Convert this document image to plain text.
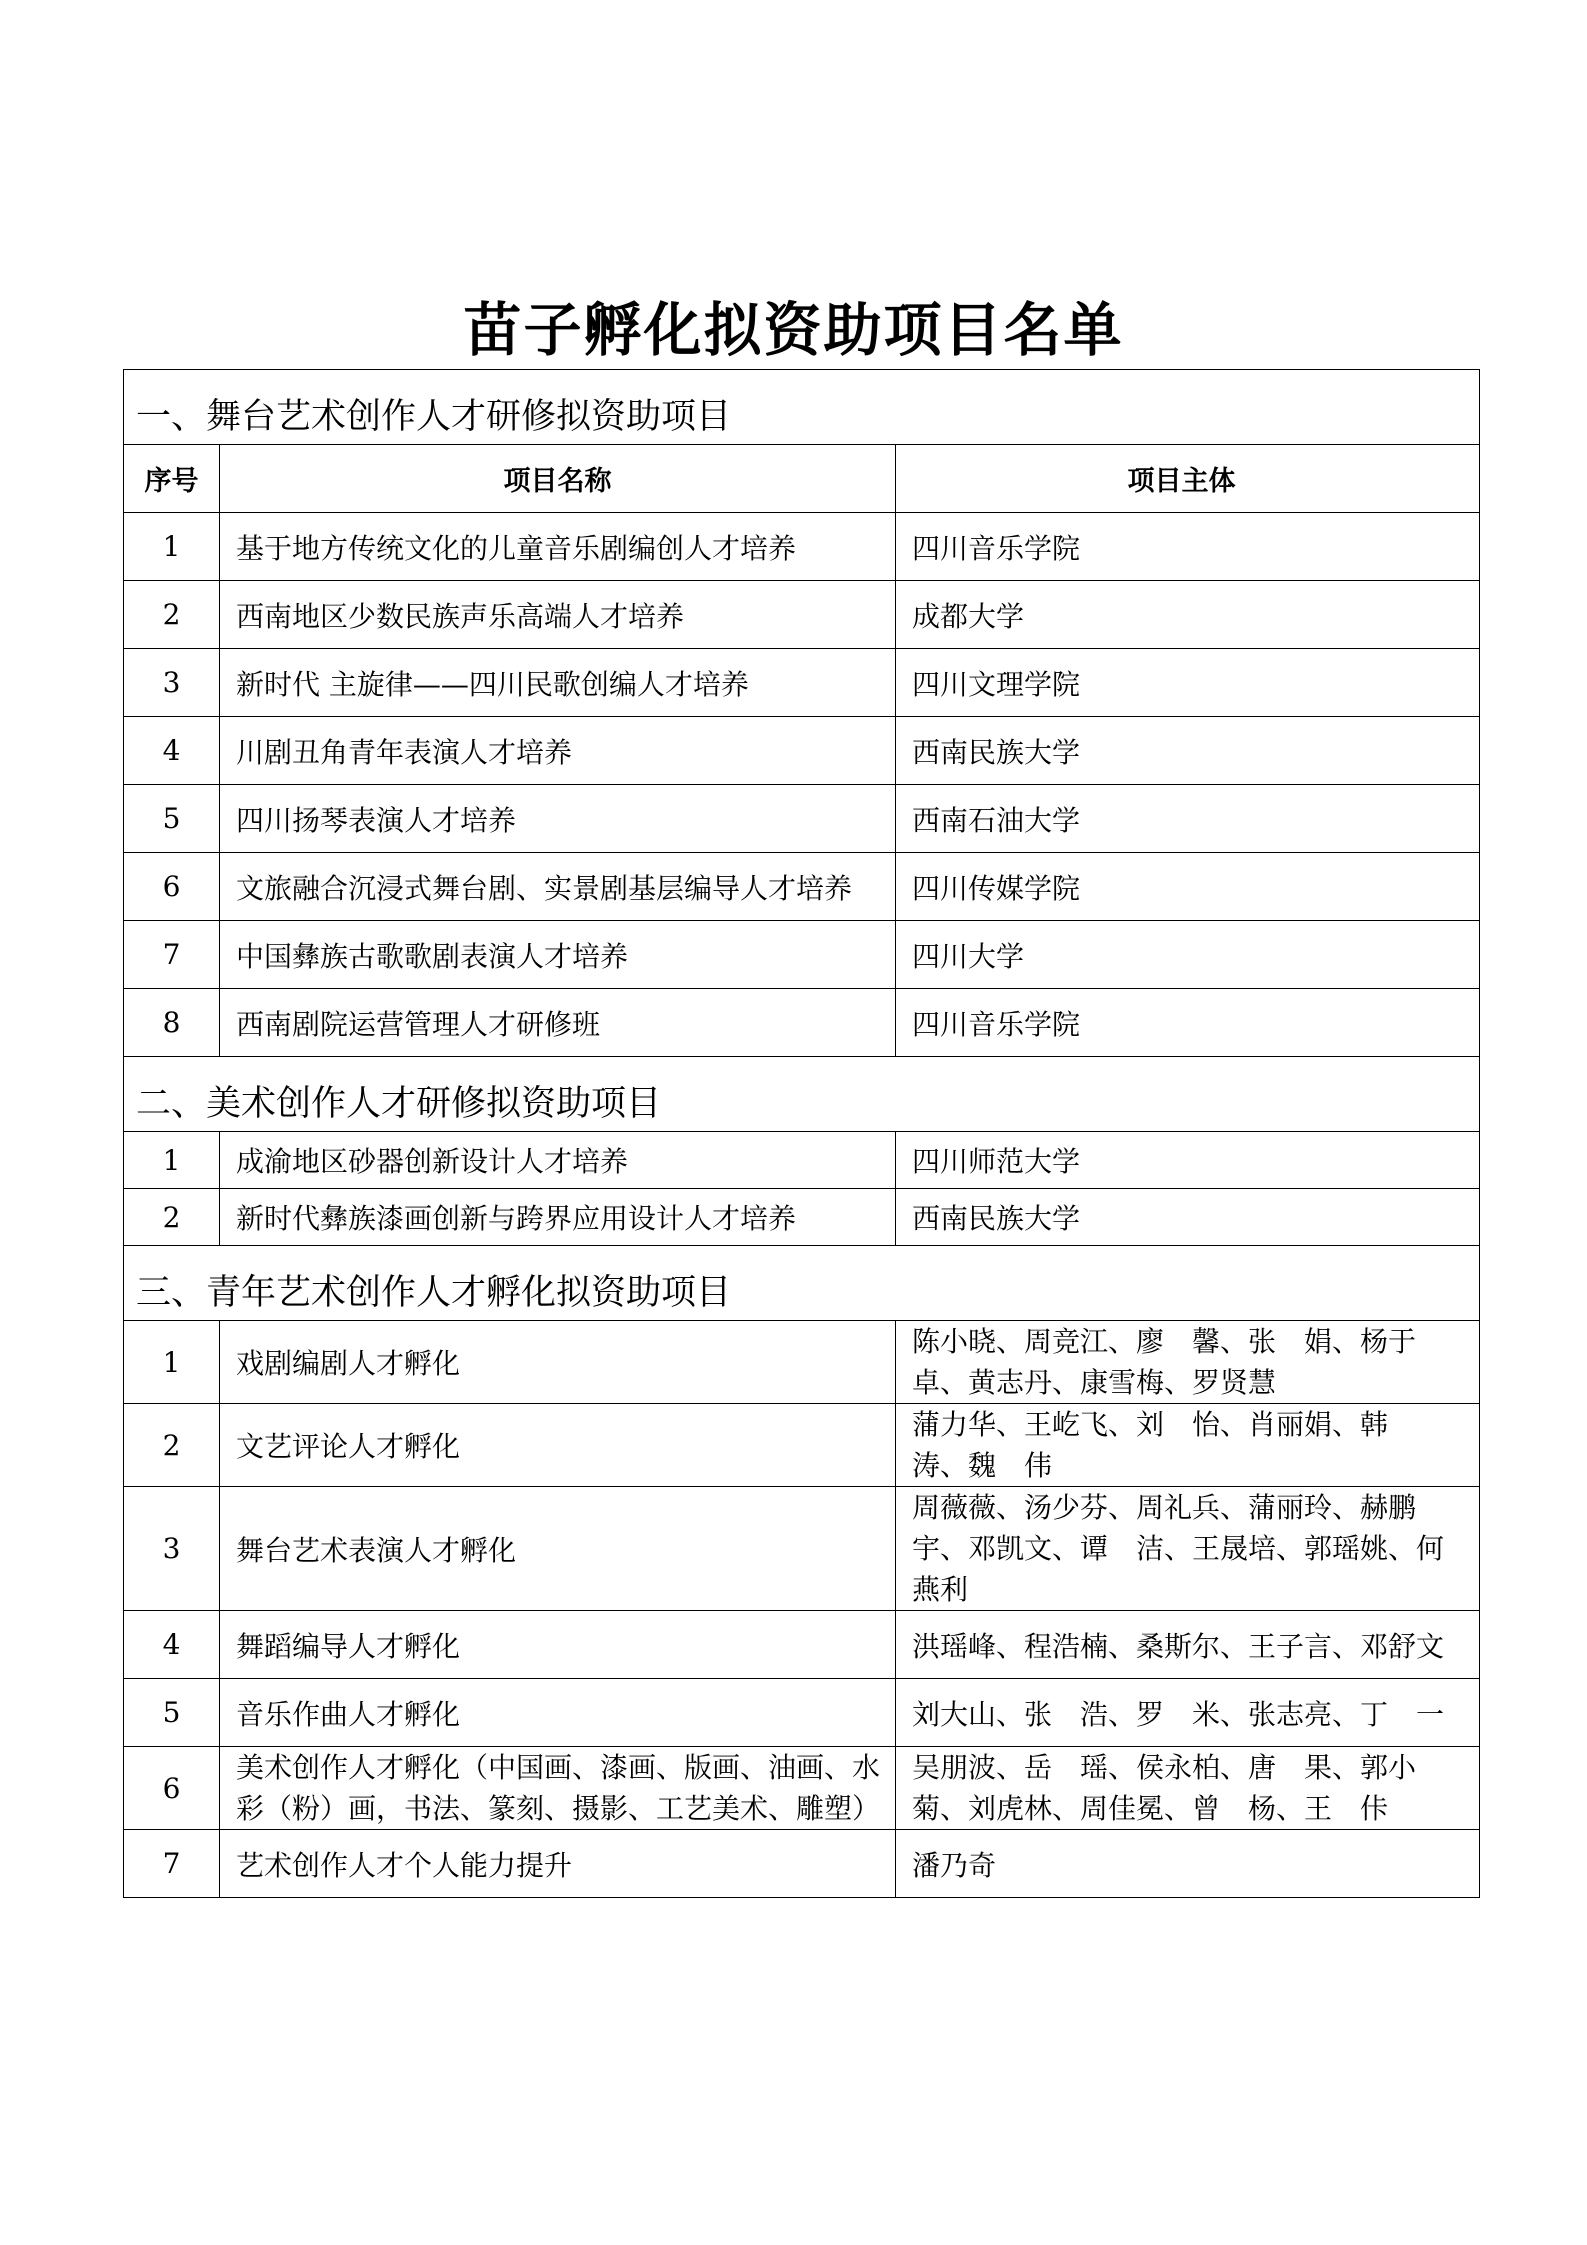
苗子孵化拟资助项目名单
一、舞台艺术创作人才研修拟资助项目		
序号	项目名称	项目主体
1	基于地方传统文化的儿童音乐剧编创人才培养	四川音乐学院
2	西南地区少数民族声乐高端人才培养	成都大学
3	新时代 主旋律——四川民歌创编人才培养	四川文理学院
4	川剧丑角青年表演人才培养	西南民族大学
5	四川扬琴表演人才培养	西南石油大学
6	文旅融合沉浸式舞台剧、实景剧基层编导人才培养	四川传媒学院
7	中国彝族古歌歌剧表演人才培养	四川大学
8	西南剧院运营管理人才研修班	四川音乐学院
二、美术创作人才研修拟资助项目		
1	成渝地区砂器创新设计人才培养	四川师范大学
2	新时代彝族漆画创新与跨界应用设计人才培养	西南民族大学
三、青年艺术创作人才孵化拟资助项目		
1	戏剧编剧人才孵化	陈小晓、周竞江、廖　馨、张　娟、杨于卓、黄志丹、康雪梅、罗贤慧
2	文艺评论人才孵化	蒲力华、王屹飞、刘　怡、肖丽娟、韩　涛、魏　伟
3	舞台艺术表演人才孵化	周薇薇、汤少芬、周礼兵、蒲丽玲、赫鹏宇、邓凯文、谭　洁、王晟培、郭瑶姚、何燕利
4	舞蹈编导人才孵化	洪瑶峰、程浩楠、桑斯尔、王子言、邓舒文
5	音乐作曲人才孵化	刘大山、张　浩、罗　米、张志亮、丁　一
6	美术创作人才孵化（中国画、漆画、版画、油画、水彩（粉）画，书法、篆刻、摄影、工艺美术、雕塑）	吴朋波、岳　瑶、侯永柏、唐　果、郭小菊、刘虎林、周佳冕、曾　杨、王　佧
7	艺术创作人才个人能力提升	潘乃奇
